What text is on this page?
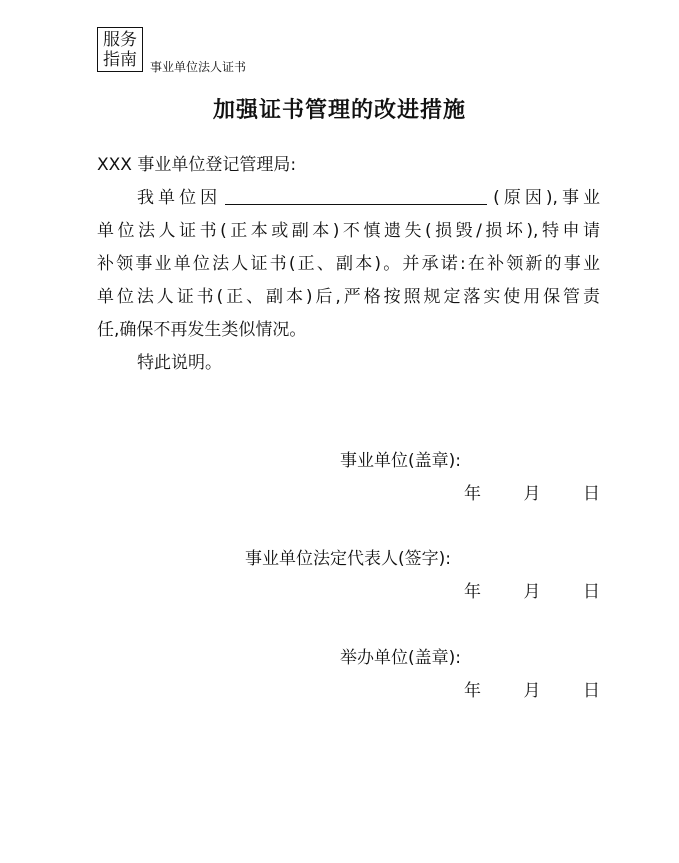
服务
指南 事业单位法人证书
加强证书管理的改进措施
XXX 事业单位登记管理局:
我单位因	(原因),事业
单位法人证书(正本或副本)不慎遗失(损毁/损坏),特申请
补领事业单位法人证书(正、副本)。并承诺:在补领新的事业
单位法人证书(正、副本)后,严格按照规定落实使用保管责
任,确保不再发生类似情况。
特此说明。
事业单位(盖章):
年	月	日
事业单位法定代表人(签字):
年	月	日
举办单位(盖章):
年	月	日
